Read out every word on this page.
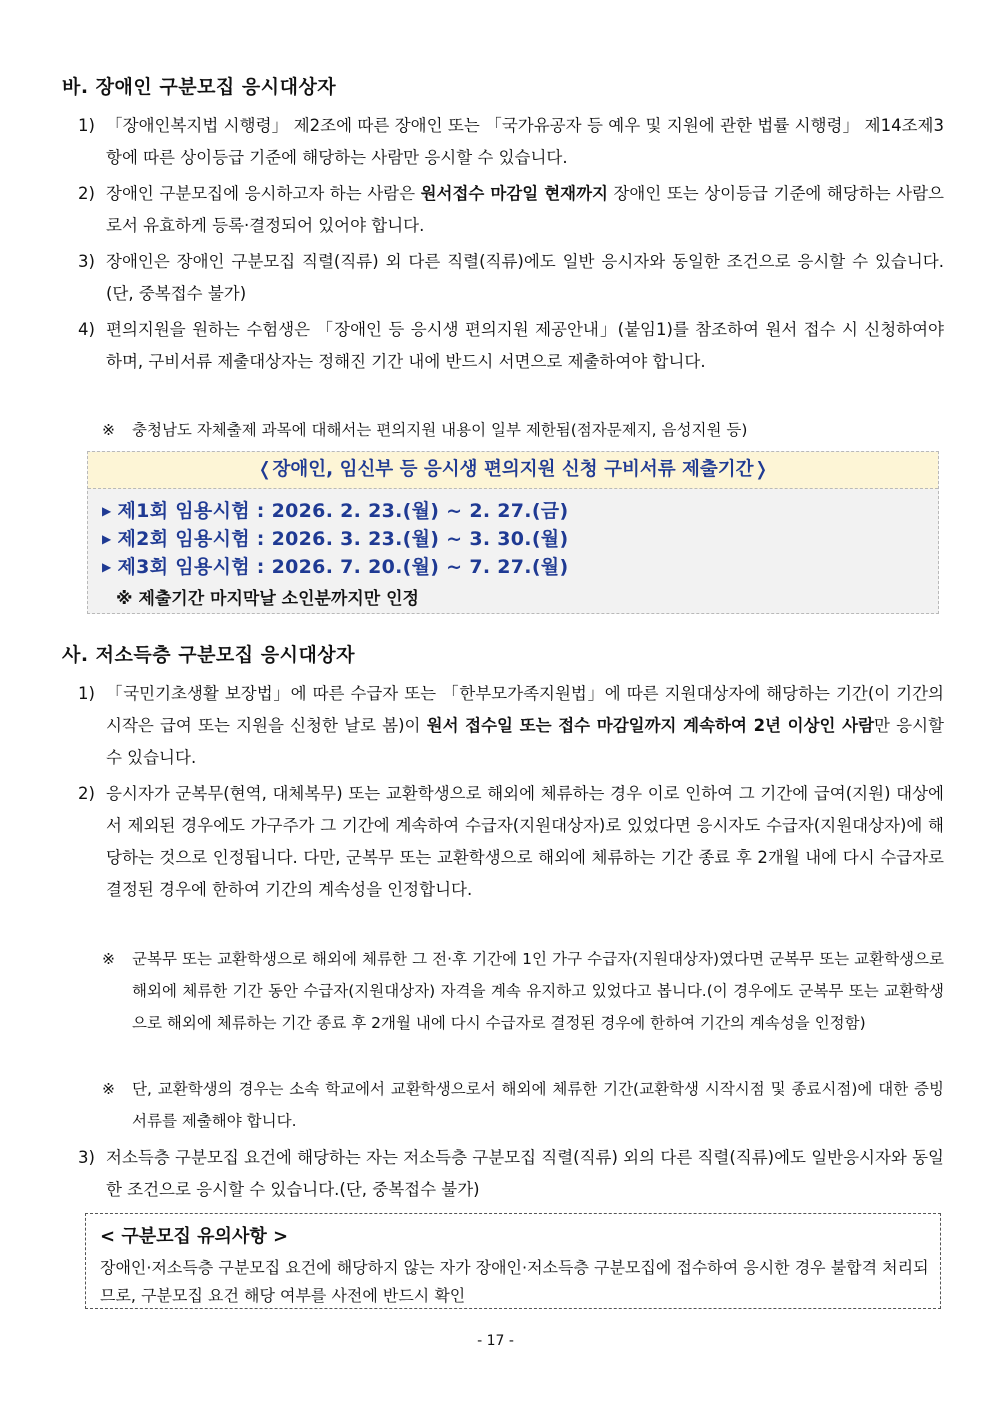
바. 장애인 구분모집 응시대상자
1) 「장애인복지법 시행령」 제2조에 따른 장애인 또는 「국가유공자 등 예우 및 지원에 관한 법률 시행령」 제14조제3항에 따른 상이등급 기준에 해당하는 사람만 응시할 수 있습니다.
2) 장애인 구분모집에 응시하고자 하는 사람은 원서접수 마감일 현재까지 장애인 또는 상이등급 기준에 해당하는 사람으로서 유효하게 등록·결정되어 있어야 합니다.
3) 장애인은 장애인 구분모집 직렬(직류) 외 다른 직렬(직류)에도 일반 응시자와 동일한 조건으로 응시할 수 있습니다.(단, 중복접수 불가)
4) 편의지원을 원하는 수험생은 「장애인 등 응시생 편의지원 제공안내」(붙임1)를 참조하여 원서 접수 시 신청하여야 하며, 구비서류 제출대상자는 정해진 기간 내에 반드시 서면으로 제출하여야 합니다.
※ 충청남도 자체출제 과목에 대해서는 편의지원 내용이 일부 제한됨(점자문제지, 음성지원 등)
❬장애인, 임신부 등 응시생 편의지원 신청 구비서류 제출기간❭
▶ 제1회 임용시험 : 2026. 2. 23.(월) ~ 2. 27.(금)
▶ 제2회 임용시험 : 2026. 3. 23.(월) ~ 3. 30.(월)
▶ 제3회 임용시험 : 2026. 7. 20.(월) ~ 7. 27.(월)
※ 제출기간 마지막날 소인분까지만 인정
사. 저소득층 구분모집 응시대상자
1) 「국민기초생활 보장법」에 따른 수급자 또는 「한부모가족지원법」에 따른 지원대상자에 해당하는 기간(이 기간의 시작은 급여 또는 지원을 신청한 날로 봄)이 원서 접수일 또는 접수 마감일까지 계속하여 2년 이상인 사람만 응시할 수 있습니다.
2) 응시자가 군복무(현역, 대체복무) 또는 교환학생으로 해외에 체류하는 경우 이로 인하여 그 기간에 급여(지원) 대상에서 제외된 경우에도 가구주가 그 기간에 계속하여 수급자(지원대상자)로 있었다면 응시자도 수급자(지원대상자)에 해당하는 것으로 인정됩니다. 다만, 군복무 또는 교환학생으로 해외에 체류하는 기간 종료 후 2개월 내에 다시 수급자로 결정된 경우에 한하여 기간의 계속성을 인정합니다.
※ 군복무 또는 교환학생으로 해외에 체류한 그 전·후 기간에 1인 가구 수급자(지원대상자)였다면 군복무 또는 교환학생으로 해외에 체류한 기간 동안 수급자(지원대상자) 자격을 계속 유지하고 있었다고 봅니다.(이 경우에도 군복무 또는 교환학생으로 해외에 체류하는 기간 종료 후 2개월 내에 다시 수급자로 결정된 경우에 한하여 기간의 계속성을 인정함)
※ 단, 교환학생의 경우는 소속 학교에서 교환학생으로서 해외에 체류한 기간(교환학생 시작시점 및 종료시점)에 대한 증빙서류를 제출해야 합니다.
3) 저소득층 구분모집 요건에 해당하는 자는 저소득층 구분모집 직렬(직류) 외의 다른 직렬(직류)에도 일반응시자와 동일한 조건으로 응시할 수 있습니다.(단, 중복접수 불가)
< 구분모집 유의사항 >
장애인·저소득층 구분모집 요건에 해당하지 않는 자가 장애인·저소득층 구분모집에 접수하여 응시한 경우 불합격 처리되므로, 구분모집 요건 해당 여부를 사전에 반드시 확인
- 17 -
